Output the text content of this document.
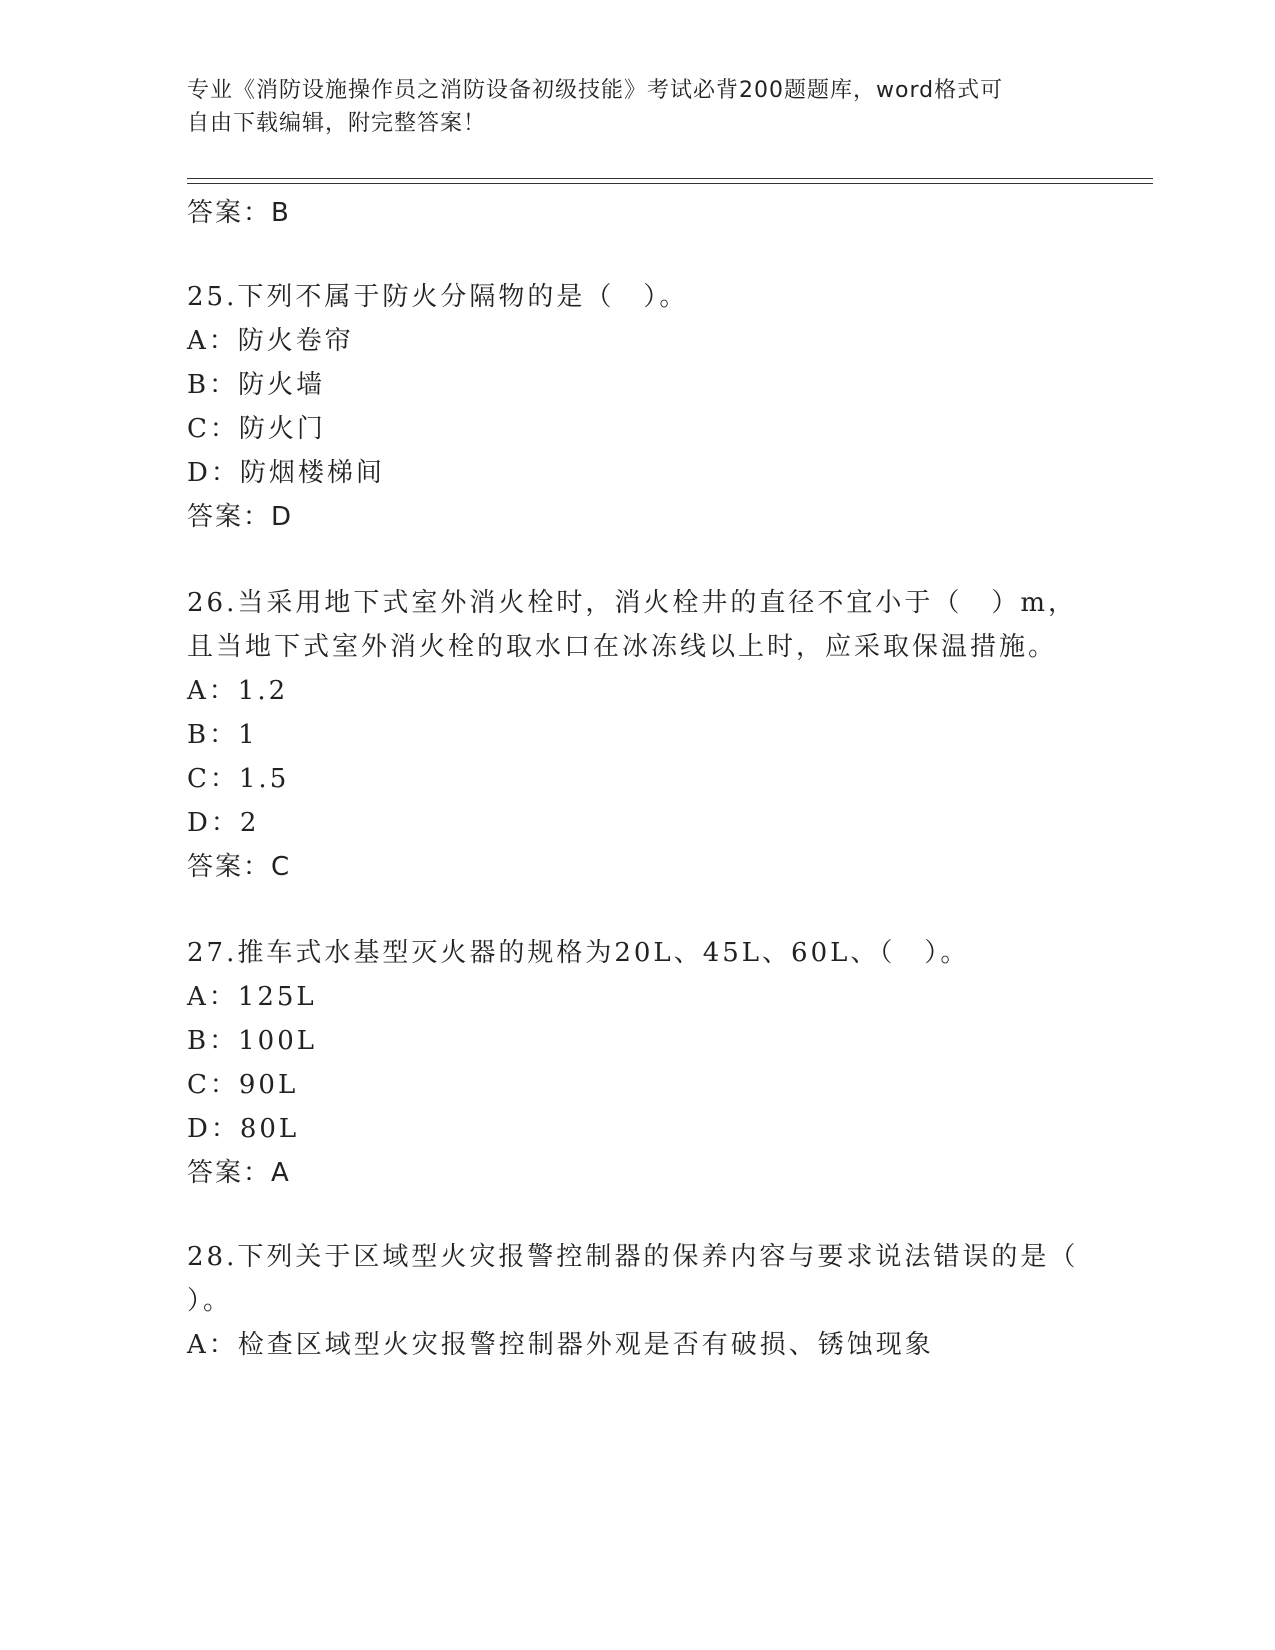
专业《消防设施操作员之消防设备初级技能》考试必背200题题库，word格式可
自由下载编辑，附完整答案！
答案：B
25.下列不属于防火分隔物的是（　）。
A：防火卷帘
B：防火墙
C：防火门
D：防烟楼梯间
答案：D
26.当采用地下式室外消火栓时，消火栓井的直径不宜小于（　）m，
且当地下式室外消火栓的取水口在冰冻线以上时，应采取保温措施。
A：1.2
B：1
C：1.5
D：2
答案：C
27.推车式水基型灭火器的规格为20L、45L、60L、（　）。
A：125L
B：100L
C：90L
D：80L
答案：A
28.下列关于区域型火灾报警控制器的保养内容与要求说法错误的是（
）。
A：检查区域型火灾报警控制器外观是否有破损、锈蚀现象
